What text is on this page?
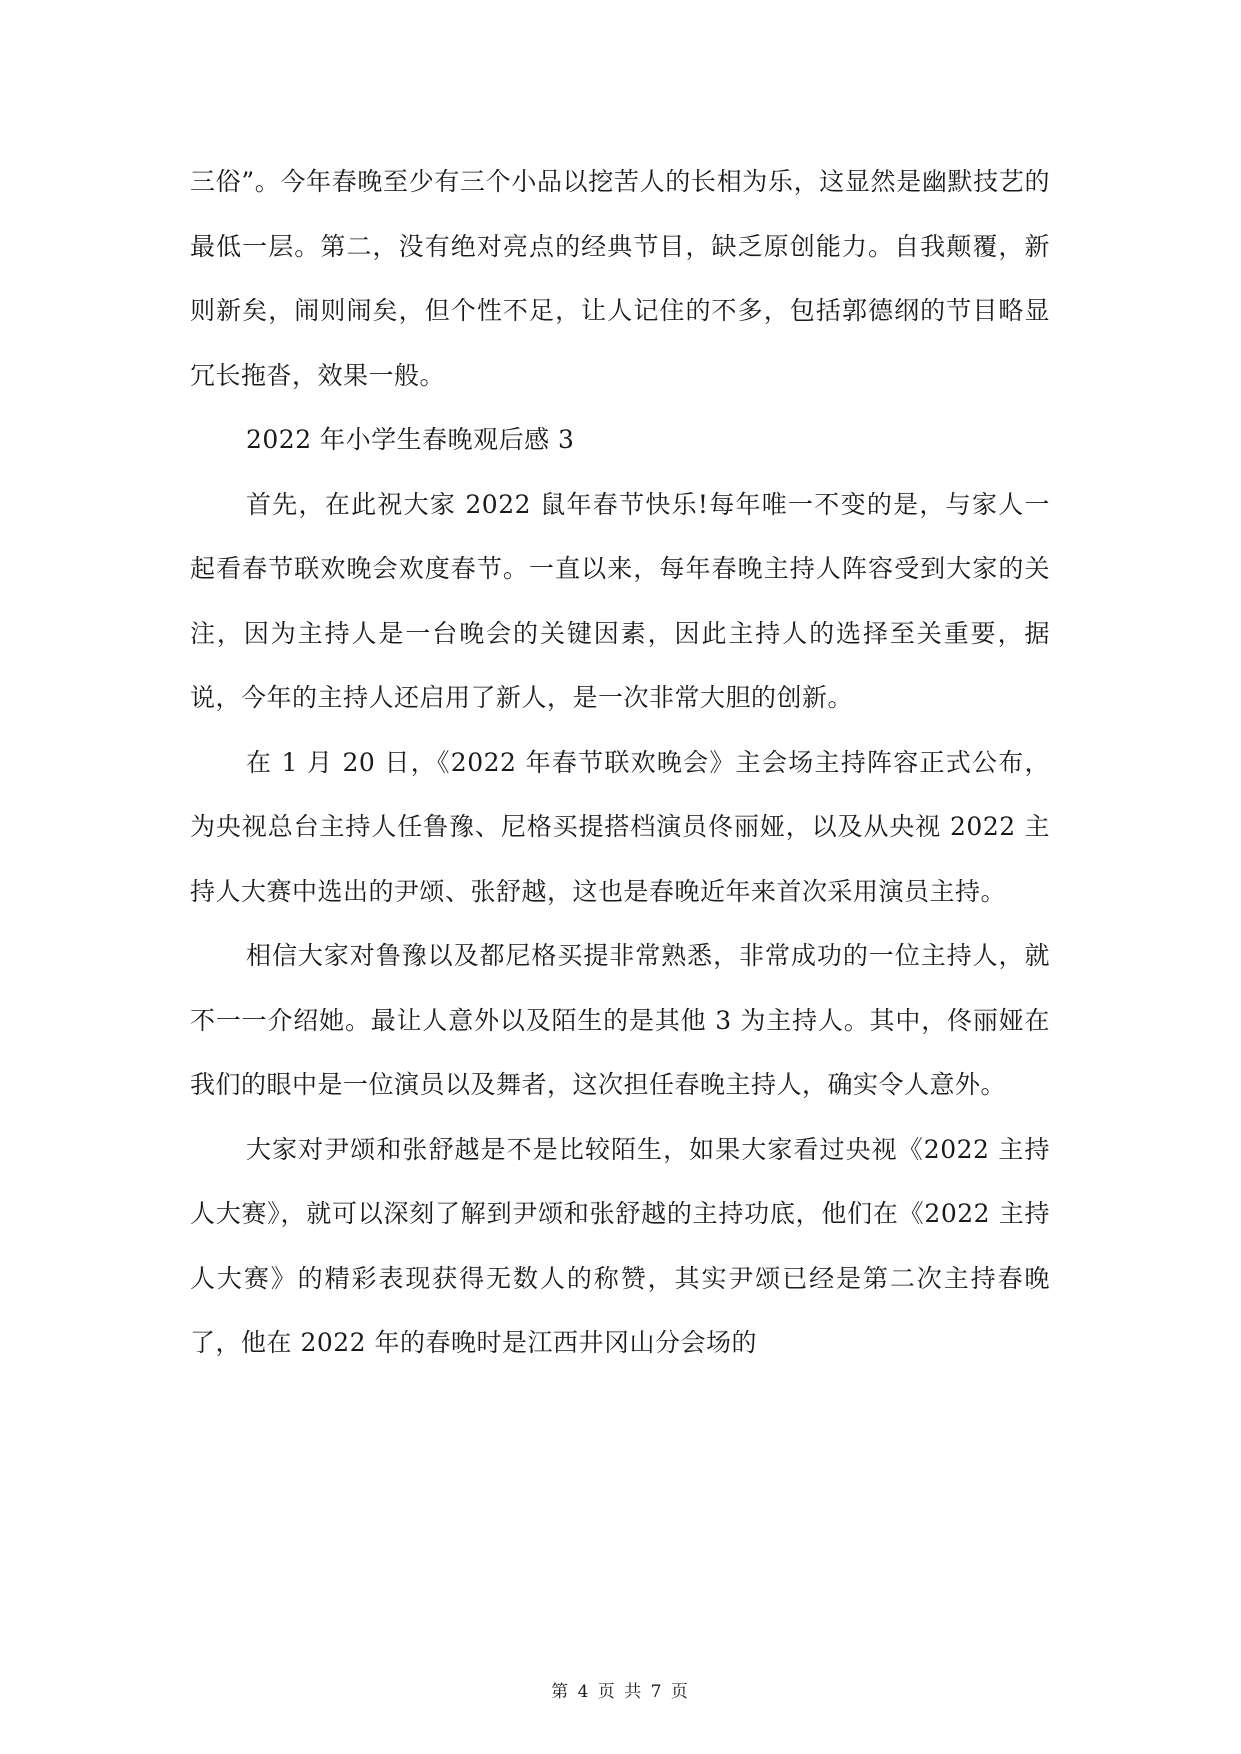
三俗”。今年春晚至少有三个小品以挖苦人的长相为乐，这显然是幽默技艺的最低一层。第二，没有绝对亮点的经典节目，缺乏原创能力。自我颠覆，新则新矣，闹则闹矣，但个性不足，让人记住的不多，包括郭德纲的节目略显冗长拖沓，效果一般。

2022 年小学生春晚观后感 3

首先，在此祝大家 2022 鼠年春节快乐!每年唯一不变的是，与家人一起看春节联欢晚会欢度春节。一直以来，每年春晚主持人阵容受到大家的关注，因为主持人是一台晚会的关键因素，因此主持人的选择至关重要，据说，今年的主持人还启用了新人，是一次非常大胆的创新。

在 1 月 20 日，《2022 年春节联欢晚会》主会场主持阵容正式公布，为央视总台主持人任鲁豫、尼格买提搭档演员佟丽娅，以及从央视 2022 主持人大赛中选出的尹颂、张舒越，这也是春晚近年来首次采用演员主持。

相信大家对鲁豫以及都尼格买提非常熟悉，非常成功的一位主持人，就不一一介绍她。最让人意外以及陌生的是其他 3 为主持人。其中，佟丽娅在我们的眼中是一位演员以及舞者，这次担任春晚主持人，确实令人意外。

大家对尹颂和张舒越是不是比较陌生，如果大家看过央视《2022 主持人大赛》，就可以深刻了解到尹颂和张舒越的主持功底，他们在《2022 主持人大赛》的精彩表现获得无数人的称赞，其实尹颂已经是第二次主持春晚了，他在 2022 年的春晚时是江西井冈山分会场的

第 4 页 共 7 页
